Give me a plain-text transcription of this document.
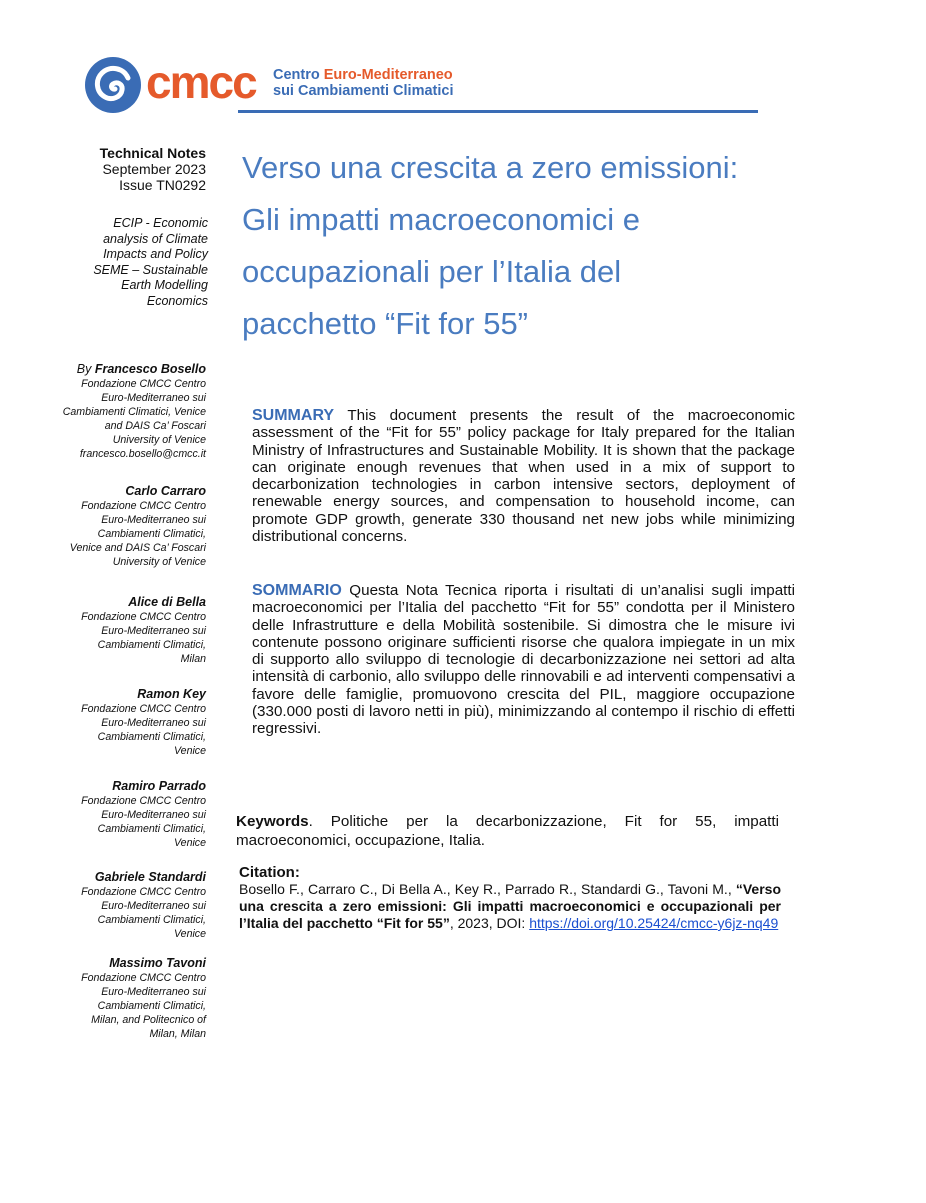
cmcc Centro Euro-Mediterraneo
sui Cambiamenti Climatici
Technical Notes
September 2023
Issue TN0292
ECIP - Economic
analysis of Climate
Impacts and Policy
SEME – Sustainable
Earth Modelling
Economics
Verso una crescita a zero emissioni:
Gli impatti macroeconomici e
occupazionali per l’Italia del
pacchetto “Fit for 55”
By Francesco Bosello
Fondazione CMCC Centro
Euro-Mediterraneo sui
Cambiamenti Climatici, Venice
and DAIS Ca’ Foscari
University of Venice
francesco.bosello@cmcc.it
Carlo Carraro
Fondazione CMCC Centro
Euro-Mediterraneo sui
Cambiamenti Climatici,
Venice and DAIS Ca’ Foscari
University of Venice
Alice di Bella
Fondazione CMCC Centro
Euro-Mediterraneo sui
Cambiamenti Climatici,
Milan
Ramon Key
Fondazione CMCC Centro
Euro-Mediterraneo sui
Cambiamenti Climatici,
Venice
Ramiro Parrado
Fondazione CMCC Centro
Euro-Mediterraneo sui
Cambiamenti Climatici,
Venice
Gabriele Standardi
Fondazione CMCC Centro
Euro-Mediterraneo sui
Cambiamenti Climatici,
Venice
Massimo Tavoni
Fondazione CMCC Centro
Euro-Mediterraneo sui
Cambiamenti Climatici,
Milan, and Politecnico of
Milan, Milan

SUMMARY This document presents the result of the macroeconomic assessment of the “Fit for 55” policy package for Italy prepared for the Italian Ministry of Infrastructures and Sustainable Mobility. It is shown that the package can originate enough revenues that when used in a mix of support to decarbonization technologies in carbon intensive sectors, deployment of renewable energy sources, and compensation to household income, can promote GDP growth, generate 330 thousand net new jobs while minimizing distributional concerns.

SOMMARIO Questa Nota Tecnica riporta i risultati di un’analisi sugli impatti macroeconomici per l’Italia del pacchetto “Fit for 55” condotta per il Ministero delle Infrastrutture e della Mobilità sostenibile. Si dimostra che le misure ivi contenute possono originare sufficienti risorse che qualora impiegate in un mix di supporto allo sviluppo di tecnologie di decarbonizzazione nei settori ad alta intensità di carbonio, allo sviluppo delle rinnovabili e ad interventi compensativi a favore delle famiglie, promuovono crescita del PIL, maggiore occupazione (330.000 posti di lavoro netti in più), minimizzando al contempo il rischio di effetti regressivi.

Keywords. Politiche per la decarbonizzazione, Fit for 55, impatti macroeconomici, occupazione, Italia.

Citation:
Bosello F., Carraro C., Di Bella A., Key R., Parrado R., Standardi G., Tavoni M., “Verso una crescita a zero emissioni: Gli impatti macroeconomici e occupazionali per l’Italia del pacchetto “Fit for 55”, 2023, DOI: https://doi.org/10.25424/cmcc-y6jz-nq49
